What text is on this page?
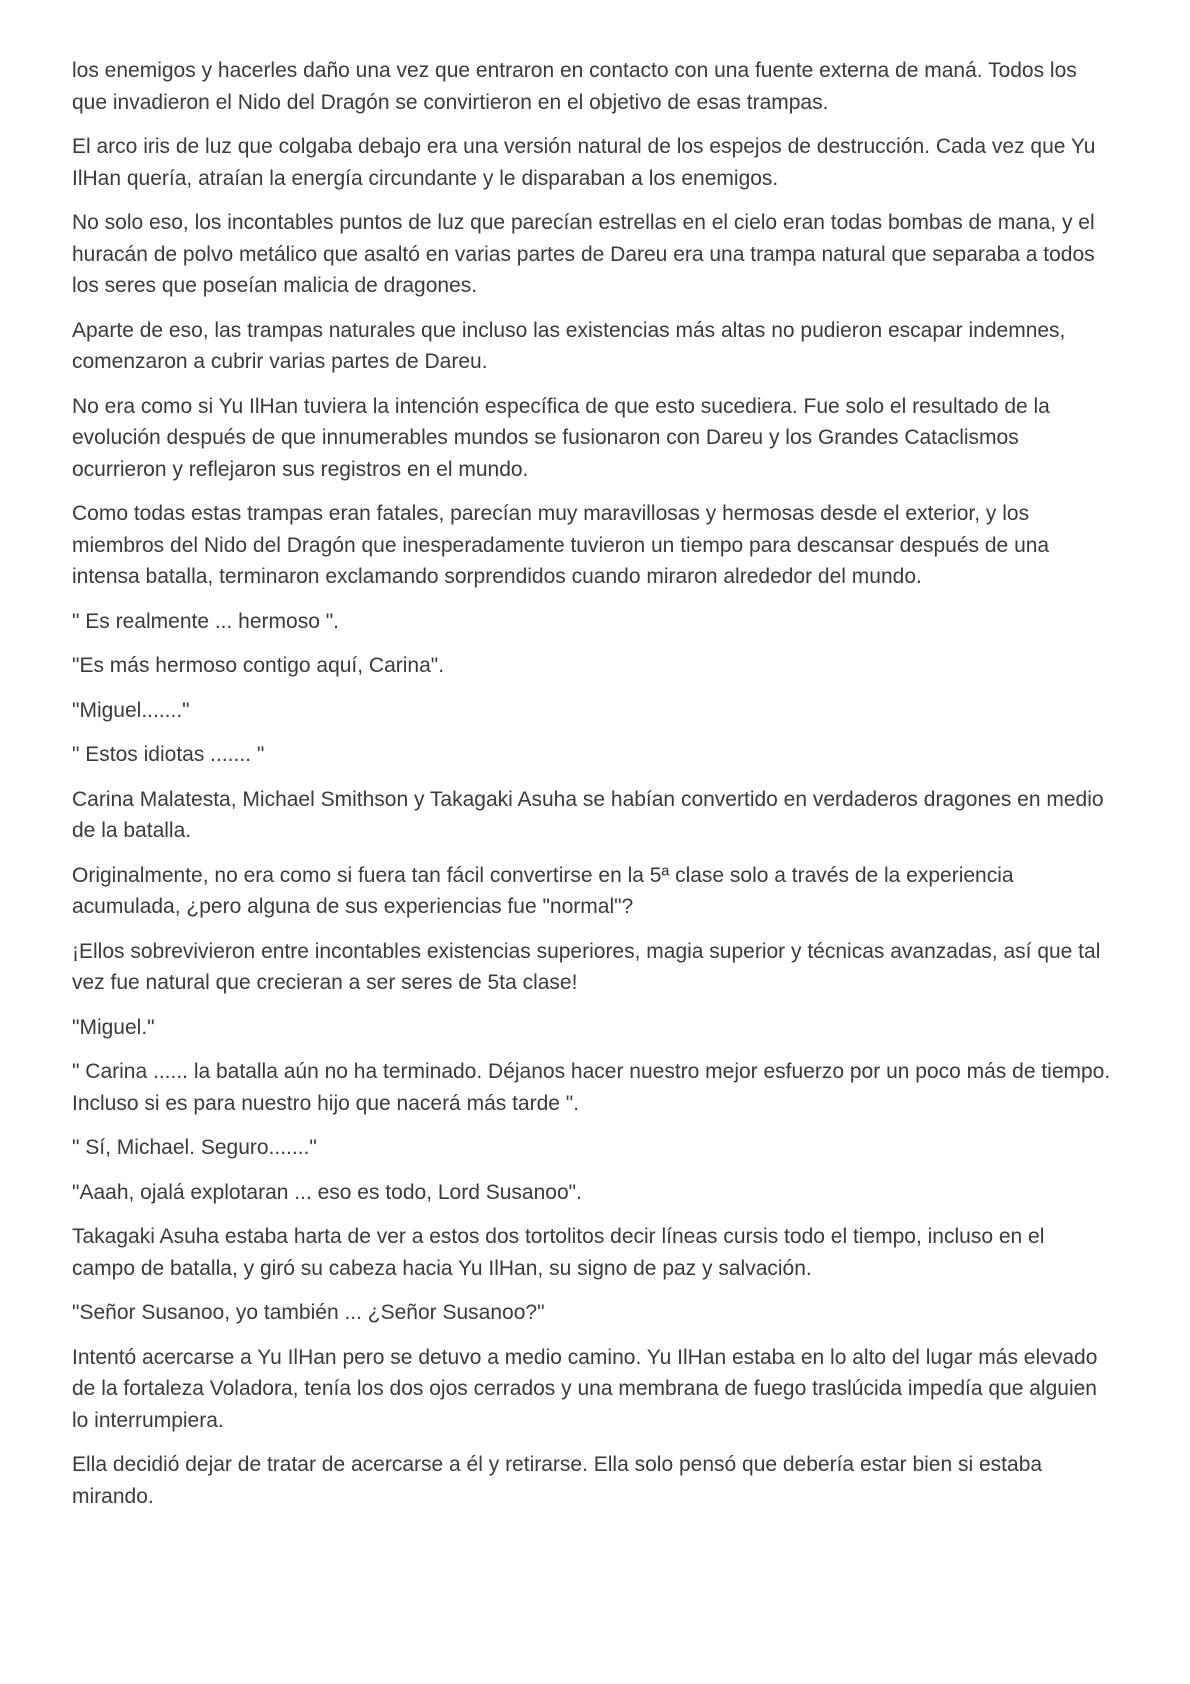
los enemigos y hacerles daño una vez que entraron en contacto con una fuente externa de maná. Todos los que invadieron el Nido del Dragón se convirtieron en el objetivo de esas trampas.

El arco iris de luz que colgaba debajo era una versión natural de los espejos de destrucción. Cada vez que Yu IlHan quería, atraían la energía circundante y le disparaban a los enemigos.

No solo eso, los incontables puntos de luz que parecían estrellas en el cielo eran todas bombas de mana, y el huracán de polvo metálico que asaltó en varias partes de Dareu era una trampa natural que separaba a todos los seres que poseían malicia de dragones.

Aparte de eso, las trampas naturales que incluso las existencias más altas no pudieron escapar indemnes, comenzaron a cubrir varias partes de Dareu.

No era como si Yu IlHan tuviera la intención específica de que esto sucediera. Fue solo el resultado de la evolución después de que innumerables mundos se fusionaron con Dareu y los Grandes Cataclismos ocurrieron y reflejaron sus registros en el mundo.

Como todas estas trampas eran fatales, parecían muy maravillosas y hermosas desde el exterior, y los miembros del Nido del Dragón que inesperadamente tuvieron un tiempo para descansar después de una intensa batalla, terminaron exclamando sorprendidos cuando miraron alrededor del mundo.

" Es realmente ... hermoso ".

"Es más hermoso contigo aquí, Carina".

"Miguel......."

" Estos idiotas ....... "

Carina Malatesta, Michael Smithson y Takagaki Asuha se habían convertido en verdaderos dragones en medio de la batalla.

Originalmente, no era como si fuera tan fácil convertirse en la 5ª clase solo a través de la experiencia acumulada, ¿pero alguna de sus experiencias fue "normal"?

¡Ellos sobrevivieron entre incontables existencias superiores, magia superior y técnicas avanzadas, así que tal vez fue natural que crecieran a ser seres de 5ta clase!

"Miguel."

" Carina ...... la batalla aún no ha terminado. Déjanos hacer nuestro mejor esfuerzo por un poco más de tiempo. Incluso si es para nuestro hijo que nacerá más tarde ".

" Sí, Michael. Seguro......."

"Aaah, ojalá explotaran ... eso es todo, Lord Susanoo".

Takagaki Asuha estaba harta de ver a estos dos tortolitos decir líneas cursis todo el tiempo, incluso en el campo de batalla, y giró su cabeza hacia Yu IlHan, su signo de paz y salvación.

"Señor Susanoo, yo también ... ¿Señor Susanoo?"

Intentó acercarse a Yu IlHan pero se detuvo a medio camino. Yu IlHan estaba en lo alto del lugar más elevado de la fortaleza Voladora, tenía los dos ojos cerrados y una membrana de fuego traslúcida impedía que alguien lo interrumpiera.

Ella decidió dejar de tratar de acercarse a él y retirarse. Ella solo pensó que debería estar bien si estaba mirando.
